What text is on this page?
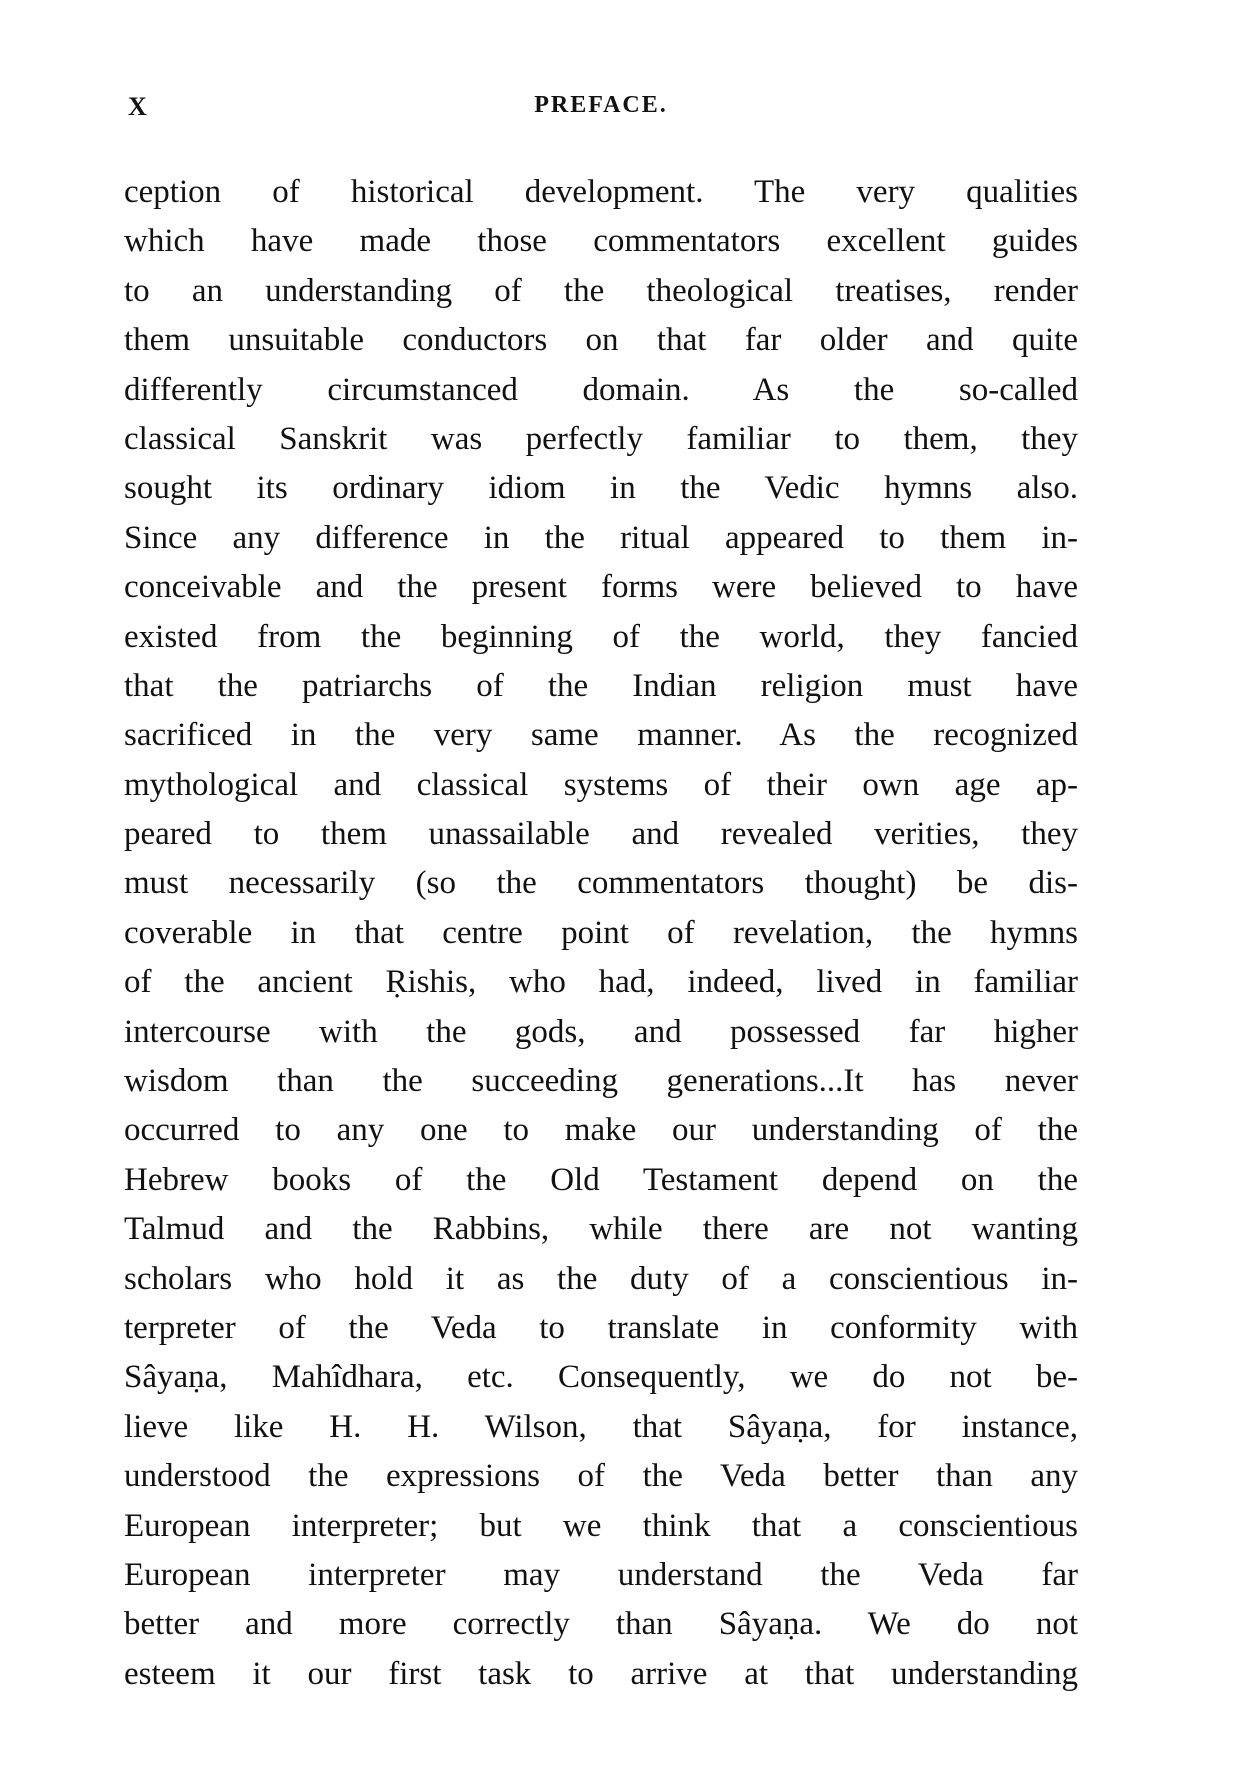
X	PREFACE.
ception of historical development. The very qualities
which have made those commentators excellent guides
to an understanding of the theological treatises, render
them unsuitable conductors on that far older and quite
differently circumstanced domain. As the so-called
classical Sanskrit was perfectly familiar to them, they
sought its ordinary idiom in the Vedic hymns also.
Since any difference in the ritual appeared to them in-
conceivable and the present forms were believed to have
existed from the beginning of the world, they fancied
that the patriarchs of the Indian religion must have
sacrificed in the very same manner. As the recognized
mythological and classical systems of their own age ap-
peared to them unassailable and revealed verities, they
must necessarily (so the commentators thought) be dis-
coverable in that centre point of revelation, the hymns
of the ancient Ṛishis, who had, indeed, lived in familiar
intercourse with the gods, and possessed far higher
wisdom than the succeeding generations...It has never
occurred to any one to make our understanding of the
Hebrew books of the Old Testament depend on the
Talmud and the Rabbins, while there are not wanting
scholars who hold it as the duty of a conscientious in-
terpreter of the Veda to translate in conformity with
Sâyaṇa, Mahîdhara, etc. Consequently, we do not be-
lieve like H. H. Wilson, that Sâyaṇa, for instance,
understood the expressions of the Veda better than any
European interpreter; but we think that a conscientious
European interpreter may understand the Veda far
better and more correctly than Sâyaṇa. We do not
esteem it our first task to arrive at that understanding
